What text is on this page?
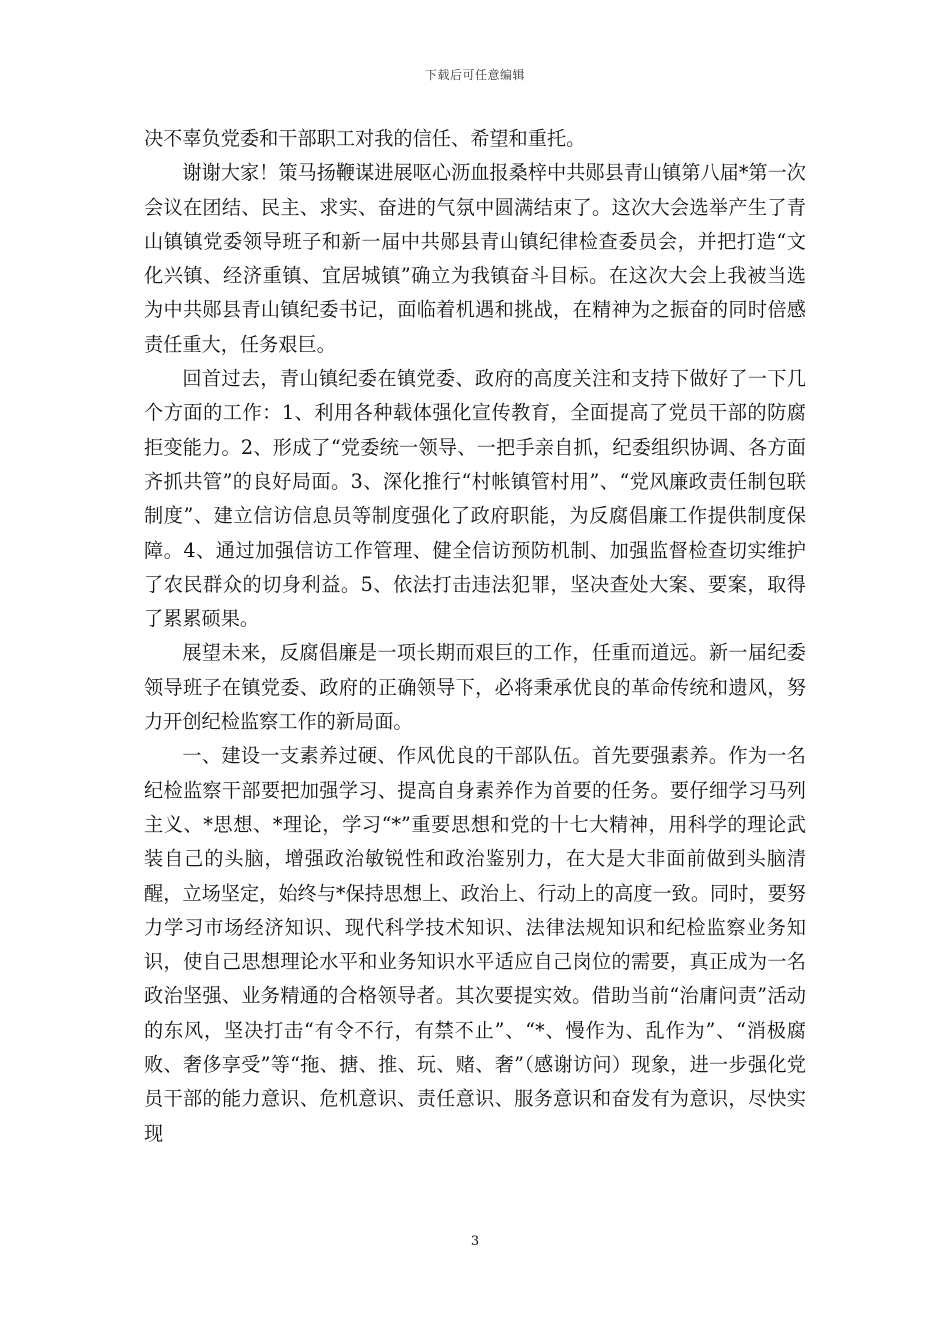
下载后可任意编辑

决不辜负党委和干部职工对我的信任、希望和重托。

谢谢大家！策马扬鞭谋进展呕心沥血报桑梓中共郧县青山镇第八届*第一次会议在团结、民主、求实、奋进的气氛中圆满结束了。这次大会选举产生了青山镇镇党委领导班子和新一届中共郧县青山镇纪律检查委员会，并把打造“文化兴镇、经济重镇、宜居城镇”确立为我镇奋斗目标。在这次大会上我被当选为中共郧县青山镇纪委书记，面临着机遇和挑战，在精神为之振奋的同时倍感责任重大，任务艰巨。

回首过去，青山镇纪委在镇党委、政府的高度关注和支持下做好了一下几个方面的工作：1、利用各种载体强化宣传教育，全面提高了党员干部的防腐拒变能力。2、形成了“党委统一领导、一把手亲自抓，纪委组织协调、各方面齐抓共管”的良好局面。3、深化推行“村帐镇管村用”、“党风廉政责任制包联制度”、建立信访信息员等制度强化了政府职能，为反腐倡廉工作提供制度保障。4、通过加强信访工作管理、健全信访预防机制、加强监督检查切实维护了农民群众的切身利益。5、依法打击违法犯罪，坚决查处大案、要案，取得了累累硕果。

展望未来，反腐倡廉是一项长期而艰巨的工作，任重而道远。新一届纪委领导班子在镇党委、政府的正确领导下，必将秉承优良的革命传统和遗风，努力开创纪检监察工作的新局面。

一、建设一支素养过硬、作风优良的干部队伍。首先要强素养。作为一名纪检监察干部要把加强学习、提高自身素养作为首要的任务。要仔细学习马列主义、*思想、*理论，学习“*”重要思想和党的十七大精神，用科学的理论武装自己的头脑，增强政治敏锐性和政治鉴别力，在大是大非面前做到头脑清醒，立场坚定，始终与*保持思想上、政治上、行动上的高度一致。同时，要努力学习市场经济知识、现代科学技术知识、法律法规知识和纪检监察业务知识，使自己思想理论水平和业务知识水平适应自己岗位的需要，真正成为一名政治坚强、业务精通的合格领导者。其次要提实效。借助当前“治庸问责”活动的东风，坚决打击“有令不行，有禁不止”、“*、慢作为、乱作为”、“消极腐败、奢侈享受”等“拖、搪、推、玩、赌、奢”（感谢访问）现象，进一步强化党员干部的能力意识、危机意识、责任意识、服务意识和奋发有为意识，尽快实现

3
